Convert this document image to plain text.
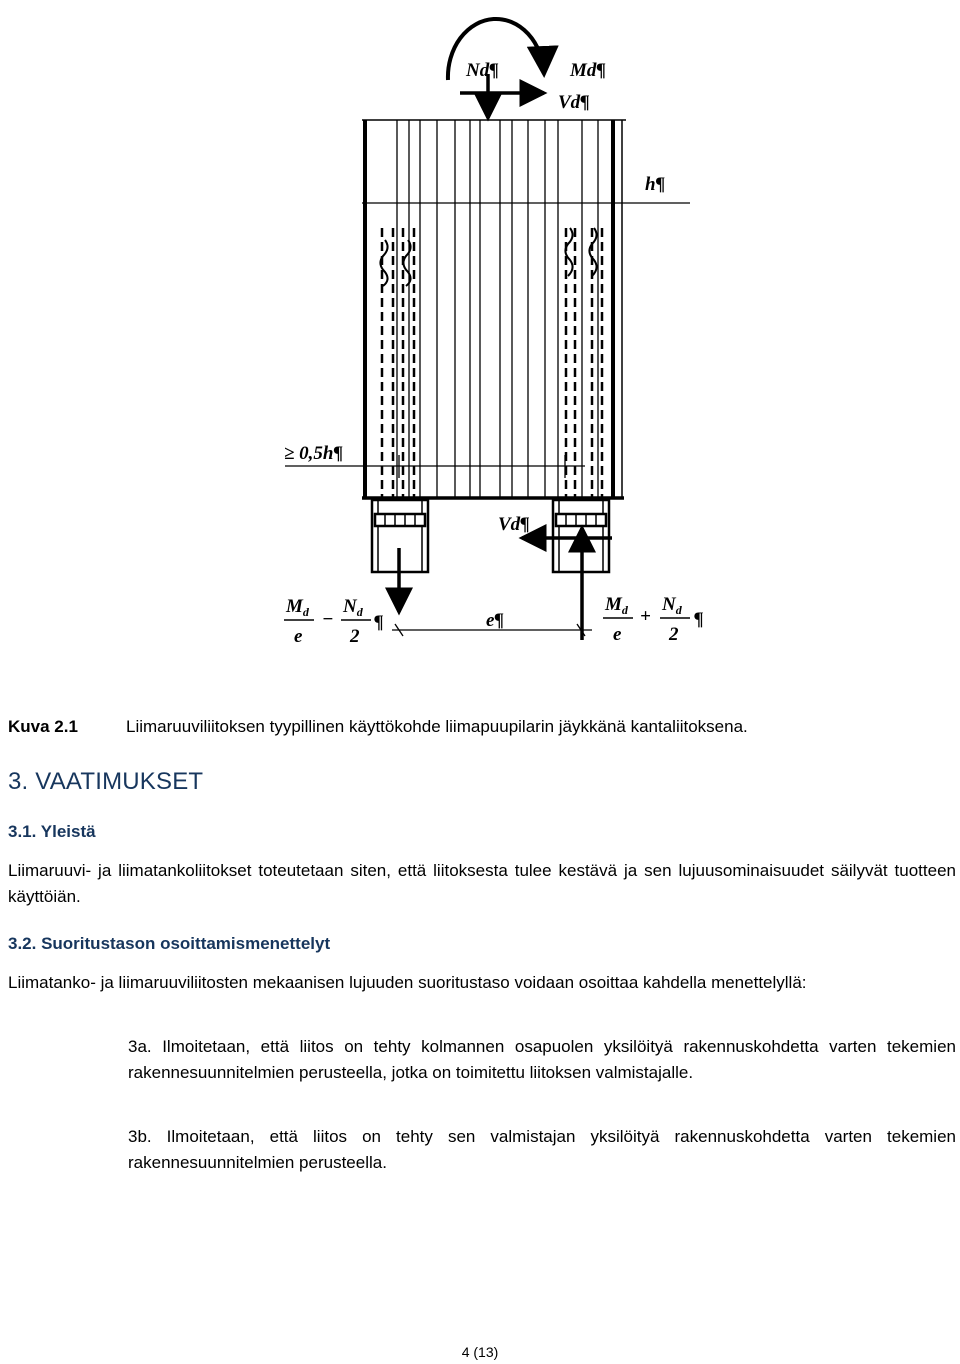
Nd¶	Md¶
Vd¶
h¶
≥ 0,5h¶
Vd¶
e¶
$M_d$
e
−
$N_d$
2
¶
$M_d$
e
+
$N_d$
2
¶
Kuva 2.1	Liimaruuviliitoksen tyypillinen käyttökohde liimapuupilarin jäykkänä kantaliitoksena.
3. VAATIMUKSET
3.1. Yleistä
Liimaruuvi- ja liimatankoliitokset toteutetaan siten, että liitoksesta tulee kestävä ja sen lujuusominaisuudet säilyvät tuotteen käyttöiän.
3.2. Suoritustason osoittamismenettelyt
Liimatanko- ja liimaruuviliitosten mekaanisen lujuuden suoritustaso voidaan osoittaa kahdella menettelyllä:
3a. Ilmoitetaan, että liitos on tehty kolmannen osapuolen yksilöityä rakennuskohdetta varten tekemien rakennesuunnitelmien perusteella, jotka on toimitettu liitoksen valmistajalle.
3b. Ilmoitetaan, että liitos on tehty sen valmistajan yksilöityä rakennuskohdetta varten tekemien rakennesuunnitelmien perusteella.
4 (13)
